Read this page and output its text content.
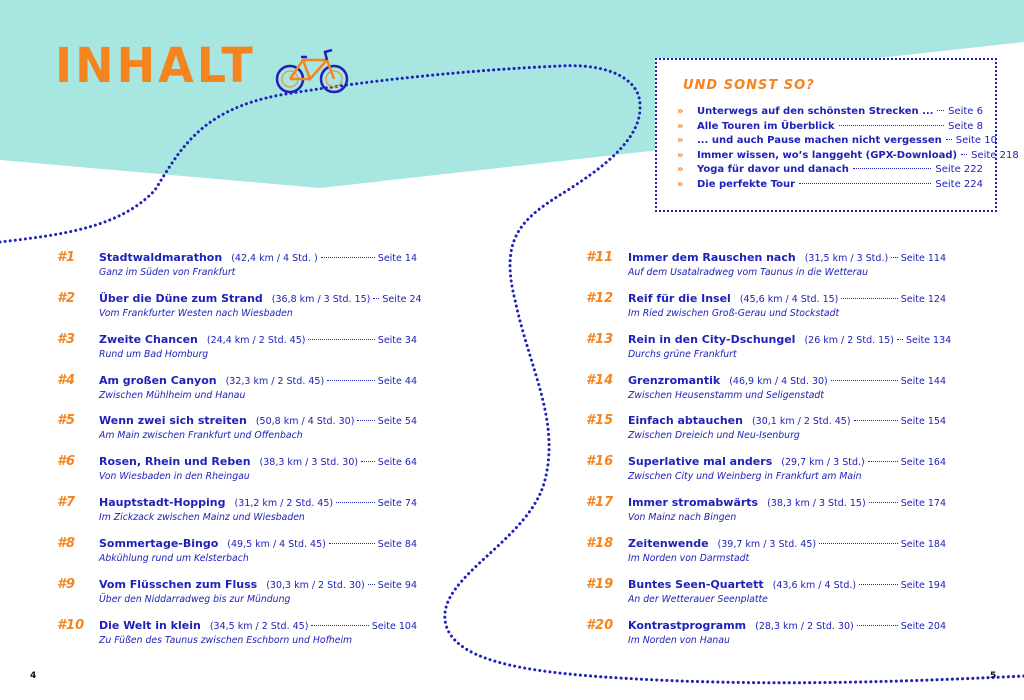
INHALT	UND SONST SO?
»	Unterwegs auf den schönsten Strecken ... Seite 6
»	Alle Touren im Überblick	Seite 8
»	... und auch Pause machen nicht vergessen Seite 10
»	Immer wissen, wo’s langgeht (GPX-Download) Seite 218
»	Yoga für davor und danach	Seite 222
»	Die perfekte Tour	Seite 224
#1 Stadtwaldmarathon (42,4 km / 4 Std. )	Seite 14
Ganz im Süden von Frankfurt
#2 Über die Düne zum Strand (36,8 km / 3 Std. 15) Seite 24
Vom Frankfurter Westen nach Wiesbaden
#3 Zweite Chancen (24,4 km / 2 Std. 45)	Seite 34
Rund um Bad Homburg
#4 Am großen Canyon (32,3 km / 2 Std. 45)	Seite 44
Zwischen Mühlheim und Hanau
#5 Wenn zwei sich streiten (50,8 km / 4 Std. 30) Seite 54
Am Main zwischen Frankfurt und Offenbach
#6 Rosen, Rhein und Reben (38,3 km / 3 Std. 30) Seite 64
Von Wiesbaden in den Rheingau
#7 Hauptstadt-Hopping (31,2 km / 2 Std. 45)	Seite 74
Im Zickzack zwischen Mainz und Wiesbaden
#8 Sommertage-Bingo (49,5 km / 4 Std. 45)	Seite 84
Abkühlung rund um Kelsterbach
#9 Vom Flüsschen zum Fluss (30,3 km / 2 Std. 30) Seite 94
Über den Niddarradweg bis zur Mündung
#10 Die Welt in klein (34,5 km / 2 Std. 45)	Seite 104
Zu Füßen des Taunus zwischen Eschborn und Hofheim
#11 Immer dem Rauschen nach (31,5 km / 3 Std.) Seite 114
Auf dem Usatalradweg vom Taunus in die Wetterau
#12 Reif für die Insel (45,6 km / 4 Std. 15)	Seite 124
Im Ried zwischen Groß-Gerau und Stockstadt
#13 Rein in den City-Dschungel (26 km / 2 Std. 15) Seite 134
Durchs grüne Frankfurt
#14 Grenzromantik (46,9 km / 4 Std. 30)	Seite 144
Zwischen Heusenstamm und Seligenstadt
#15 Einfach abtauchen (30,1 km / 2 Std. 45)	Seite 154
Zwischen Dreieich und Neu-Isenburg
#16 Superlative mal anders (29,7 km / 3 Std.)	Seite 164
Zwischen City und Weinberg in Frankfurt am Main
#17 Immer stromabwärts (38,3 km / 3 Std. 15)	Seite 174
Von Mainz nach Bingen
#18 Zeitenwende (39,7 km / 3 Std. 45)	Seite 184
Im Norden von Darmstadt
#19 Buntes Seen-Quartett (43,6 km / 4 Std.)	Seite 194
An der Wetterauer Seenplatte
#20 Kontrastprogramm (28,3 km / 2 Std. 30)	Seite 204
Im Norden von Hanau
4	5
